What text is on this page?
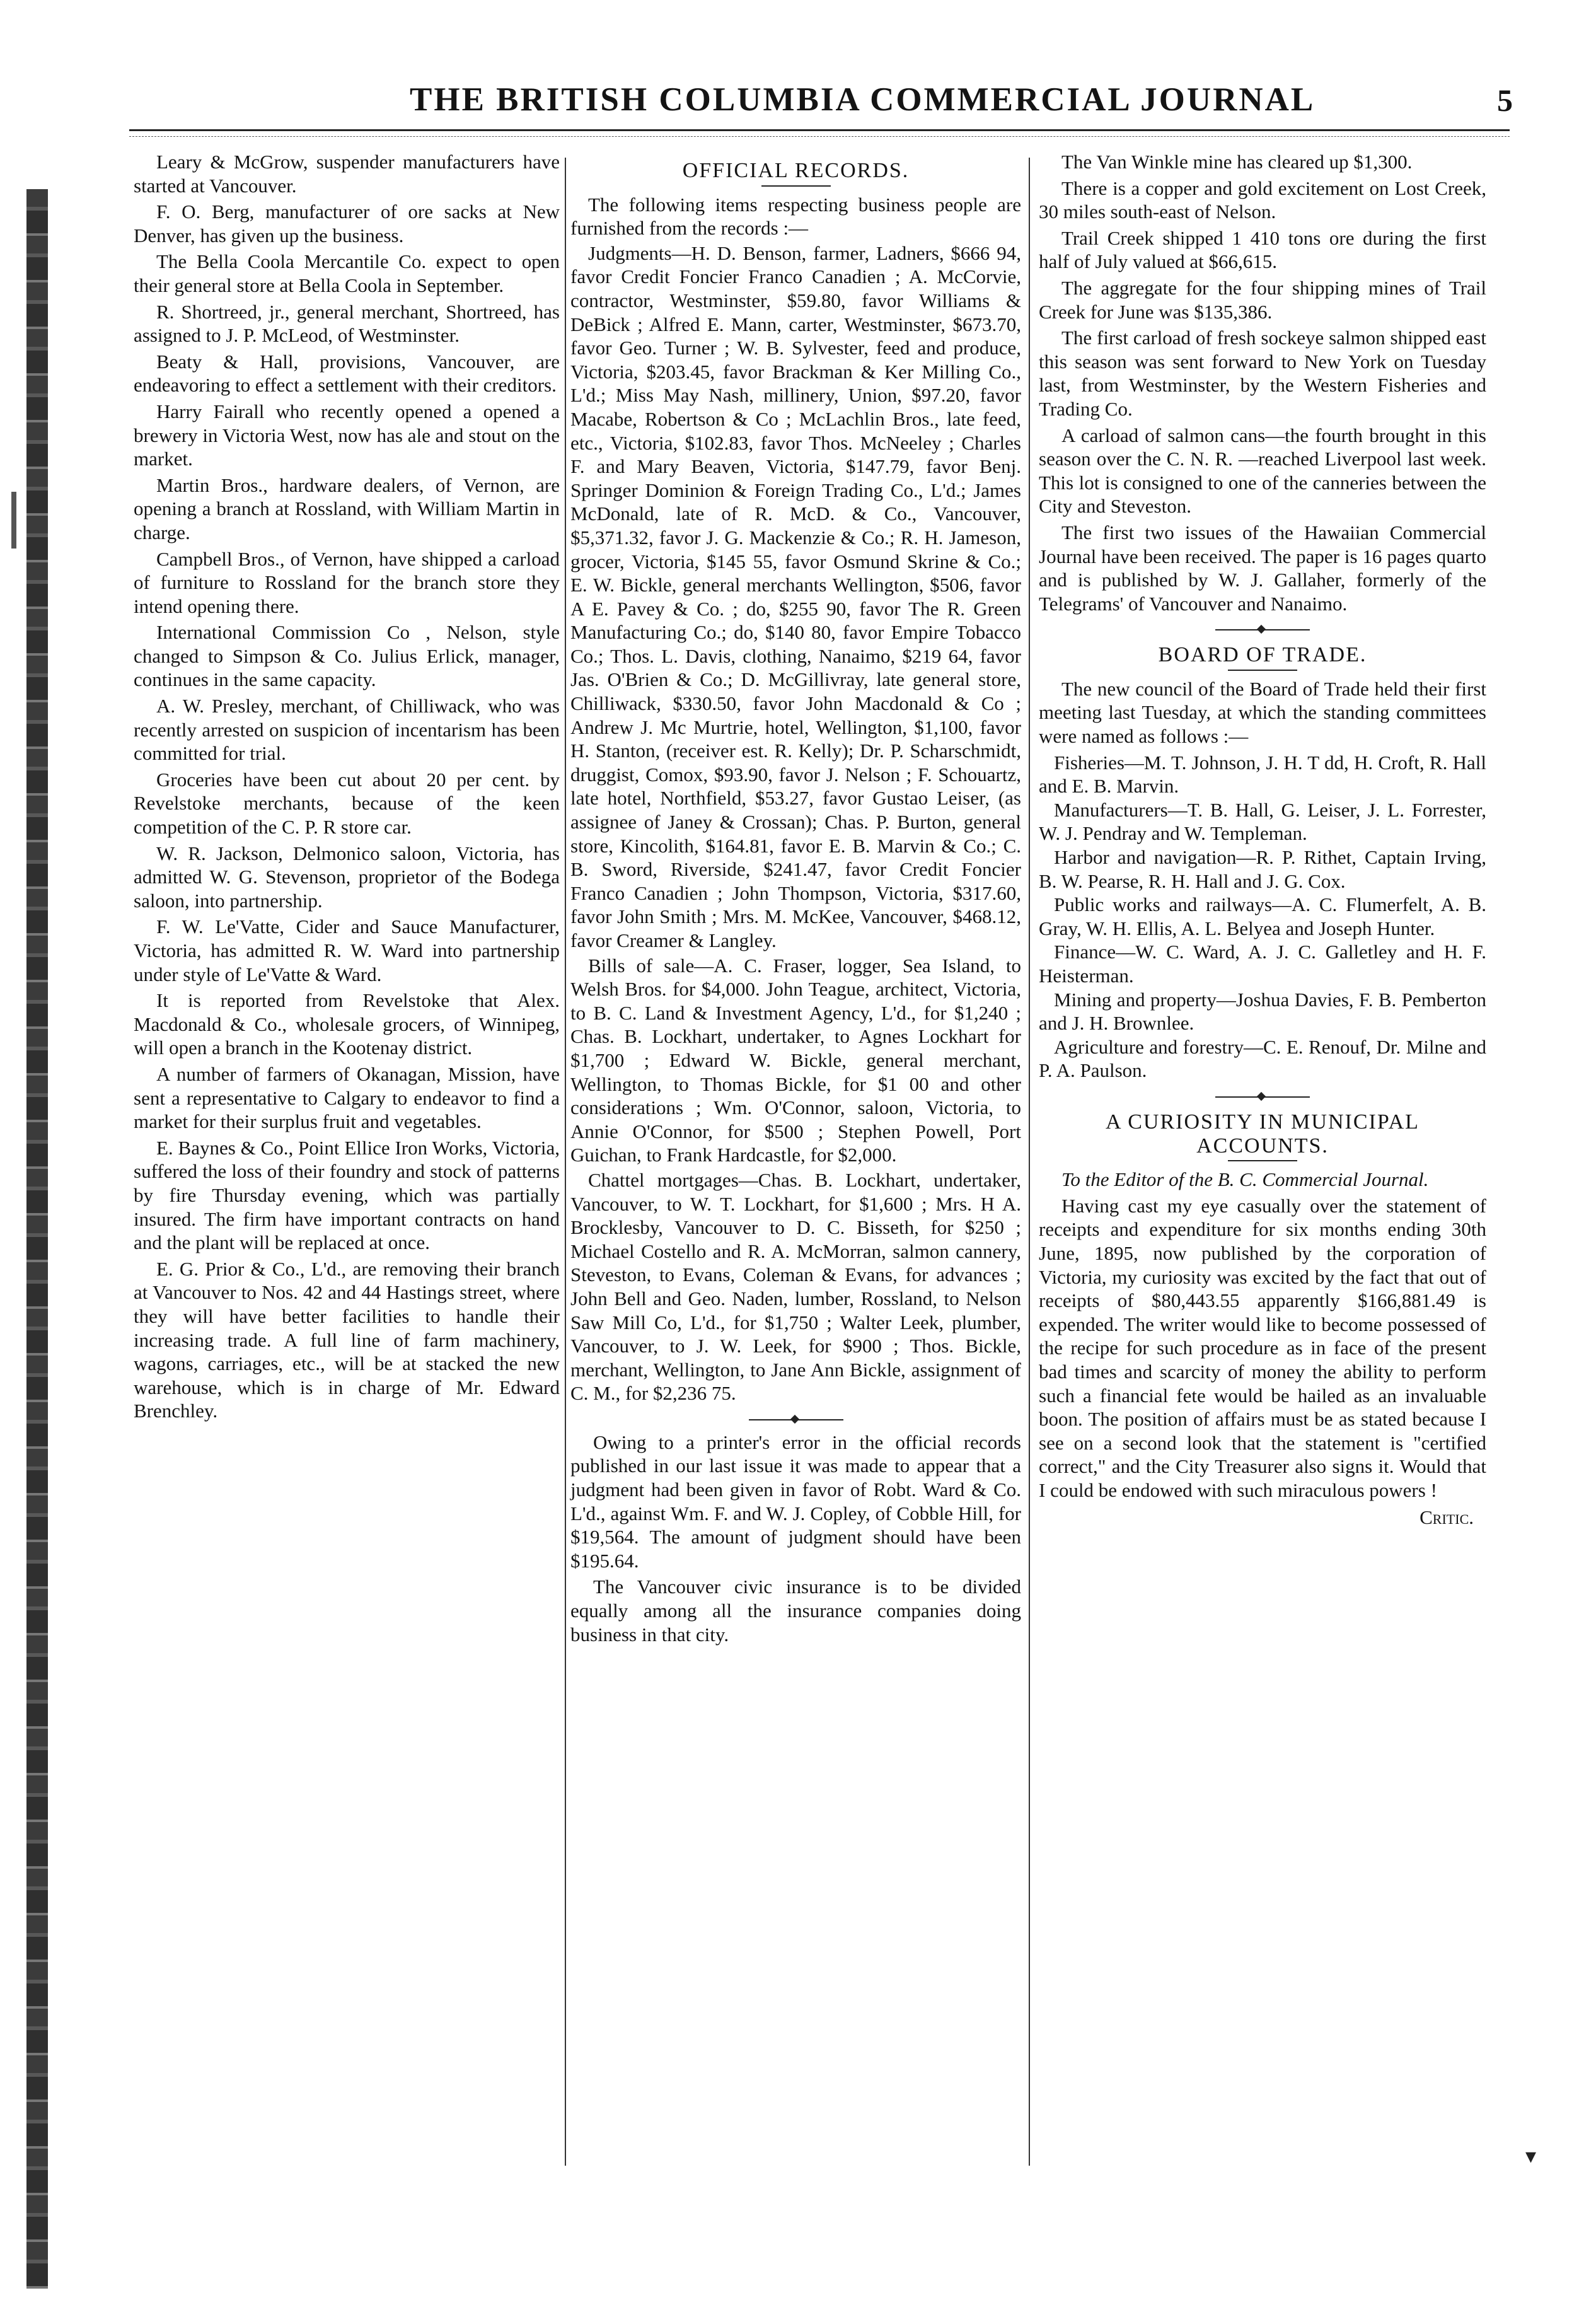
THE BRITISH COLUMBIA COMMERCIAL JOURNAL	5

Leary & McGrow, suspender manufacturers have started at Vancouver.

F. O. Berg, manufacturer of ore sacks at New Denver, has given up the business.

The Bella Coola Mercantile Co. expect to open their general store at Bella Coola in September.

R. Shortreed, jr., general merchant, Shortreed, has assigned to J. P. McLeod, of Westminster.

Beaty & Hall, provisions, Vancouver, are endeavoring to effect a settlement with their creditors.

Harry Fairall who recently opened a opened a brewery in Victoria West, now has ale and stout on the market.

Martin Bros., hardware dealers, of Vernon, are opening a branch at Rossland, with William Martin in charge.

Campbell Bros., of Vernon, have shipped a carload of furniture to Rossland for the branch store they intend opening there.

International Commission Co , Nelson, style changed to Simpson & Co. Julius Erlick, manager, continues in the same capacity.

A. W. Presley, merchant, of Chilliwack, who was recently arrested on suspicion of incentarism has been committed for trial.

Groceries have been cut about 20 per cent. by Revelstoke merchants, because of the keen competition of the C. P. R store car.

W. R. Jackson, Delmonico saloon, Victoria, has admitted W. G. Stevenson, proprietor of the Bodega saloon, into partnership.

F. W. Le'Vatte, Cider and Sauce Manufacturer, Victoria, has admitted R. W. Ward into partnership under style of Le'Vatte & Ward.

It is reported from Revelstoke that Alex. Macdonald & Co., wholesale grocers, of Winnipeg, will open a branch in the Kootenay district.

A number of farmers of Okanagan, Mission, have sent a representative to Calgary to endeavor to find a market for their surplus fruit and vegetables.

E. Baynes & Co., Point Ellice Iron Works, Victoria, suffered the loss of their foundry and stock of patterns by fire Thursday evening, which was partially insured. The firm have important contracts on hand and the plant will be replaced at once.

E. G. Prior & Co., L'd., are removing their branch at Vancouver to Nos. 42 and 44 Hastings street, where they will have better facilities to handle their increasing trade. A full line of farm machinery, wagons, carriages, etc., will be at stacked the new warehouse, which is in charge of Mr. Edward Brenchley.

OFFICIAL RECORDS.

The following items respecting business people are furnished from the records :—

Judgments—H. D. Benson, farmer, Ladners, $666 94, favor Credit Foncier Franco Canadien ; A. McCorvie, contractor, Westminster, $59.80, favor Williams & DeBick ; Alfred E. Mann, carter, Westminster, $673.70, favor Geo. Turner ; W. B. Sylvester, feed and produce, Victoria, $203.45, favor Brackman & Ker Milling Co., L'd.; Miss May Nash, millinery, Union, $97.20, favor Macabe, Robertson & Co ; McLachlin Bros., late feed, etc., Victoria, $102.83, favor Thos. McNeeley ; Charles F. and Mary Beaven, Victoria, $147.79, favor Benj. Springer Dominion & Foreign Trading Co., L'd.; James McDonald, late of R. McD. & Co., Vancouver, $5,371.32, favor J. G. Mackenzie & Co.; R. H. Jameson, grocer, Victoria, $145 55, favor Osmund Skrine & Co.; E. W. Bickle, general merchants Wellington, $506, favor A E. Pavey & Co. ; do, $255 90, favor The R. Green Manufacturing Co.; do, $140 80, favor Empire Tobacco Co.; Thos. L. Davis, clothing, Nanaimo, $219 64, favor Jas. O'Brien & Co.; D. McGillivray, late general store, Chilliwack, $330.50, favor John Macdonald & Co ; Andrew J. Mc Murtrie, hotel, Wellington, $1,100, favor H. Stanton, (receiver est. R. Kelly); Dr. P. Scharschmidt, druggist, Comox, $93.90, favor J. Nelson ; F. Schouartz, late hotel, Northfield, $53.27, favor Gustao Leiser, (as assignee of Janey & Crossan); Chas. P. Burton, general store, Kincolith, $164.81, favor E. B. Marvin & Co.; C. B. Sword, Riverside, $241.47, favor Credit Foncier Franco Canadien ; John Thompson, Victoria, $317.60, favor John Smith ; Mrs. M. McKee, Vancouver, $468.12, favor Creamer & Langley.

Bills of sale—A. C. Fraser, logger, Sea Island, to Welsh Bros. for $4,000. John Teague, architect, Victoria, to B. C. Land & Investment Agency, L'd., for $1,240 ; Chas. B. Lockhart, undertaker, to Agnes Lockhart for $1,700 ; Edward W. Bickle, general merchant, Wellington, to Thomas Bickle, for $1 00 and other considerations ; Wm. O'Connor, saloon, Victoria, to Annie O'Connor, for $500 ; Stephen Powell, Port Guichan, to Frank Hardcastle, for $2,000.

Chattel mortgages—Chas. B. Lockhart, undertaker, Vancouver, to W. T. Lockhart, for $1,600 ; Mrs. H A. Brocklesby, Vancouver to D. C. Bisseth, for $250 ; Michael Costello and R. A. McMorran, salmon cannery, Steveston, to Evans, Coleman & Evans, for advances ; John Bell and Geo. Naden, lumber, Rossland, to Nelson Saw Mill Co, L'd., for $1,750 ; Walter Leek, plumber, Vancouver, to J. W. Leek, for $900 ; Thos. Bickle, merchant, Wellington, to Jane Ann Bickle, assignment of C. M., for $2,236 75.

Owing to a printer's error in the official records published in our last issue it was made to appear that a judgment had been given in favor of Robt. Ward & Co. L'd., against Wm. F. and W. J. Copley, of Cobble Hill, for $19,564. The amount of judgment should have been $195.64.

The Vancouver civic insurance is to be divided equally among all the insurance companies doing business in that city.

The Van Winkle mine has cleared up $1,300.

There is a copper and gold excitement on Lost Creek, 30 miles south-east of Nelson.

Trail Creek shipped 1 410 tons ore during the first half of July valued at $66,615.

The aggregate for the four shipping mines of Trail Creek for June was $135,386.

The first carload of fresh sockeye salmon shipped east this season was sent forward to New York on Tuesday last, from Westminster, by the Western Fisheries and Trading Co.

A carload of salmon cans—the fourth brought in this season over the C. N. R. —reached Liverpool last week. This lot is consigned to one of the canneries between the City and Steveston.

The first two issues of the Hawaiian Commercial Journal have been received. The paper is 16 pages quarto and is published by W. J. Gallaher, formerly of the Telegrams' of Vancouver and Nanaimo.

BOARD OF TRADE.

The new council of the Board of Trade held their first meeting last Tuesday, at which the standing committees were named as follows :—

Fisheries—M. T. Johnson, J. H. T dd, H. Croft, R. Hall and E. B. Marvin.

Manufacturers—T. B. Hall, G. Leiser, J. L. Forrester, W. J. Pendray and W. Templeman.

Harbor and navigation—R. P. Rithet, Captain Irving, B. W. Pearse, R. H. Hall and J. G. Cox.

Public works and railways—A. C. Flumerfelt, A. B. Gray, W. H. Ellis, A. L. Belyea and Joseph Hunter.

Finance—W. C. Ward, A. J. C. Galletley and H. F. Heisterman.

Mining and property—Joshua Davies, F. B. Pemberton and J. H. Brownlee.

Agriculture and forestry—C. E. Renouf, Dr. Milne and P. A. Paulson.

A CURIOSITY IN MUNICIPAL ACCOUNTS.

To the Editor of the B. C. Commercial Journal.

Having cast my eye casually over the statement of receipts and expenditure for six months ending 30th June, 1895, now published by the corporation of Victoria, my curiosity was excited by the fact that out of receipts of $80,443.55 apparently $166,881.49 is expended. The writer would like to become possessed of the recipe for such procedure as in face of the present bad times and scarcity of money the ability to perform such a financial fete would be hailed as an invaluable boon. The position of affairs must be as stated because I see on a second look that the statement is "certified correct," and the City Treasurer also signs it. Would that I could be endowed with such miraculous powers !

Critic.
▾
